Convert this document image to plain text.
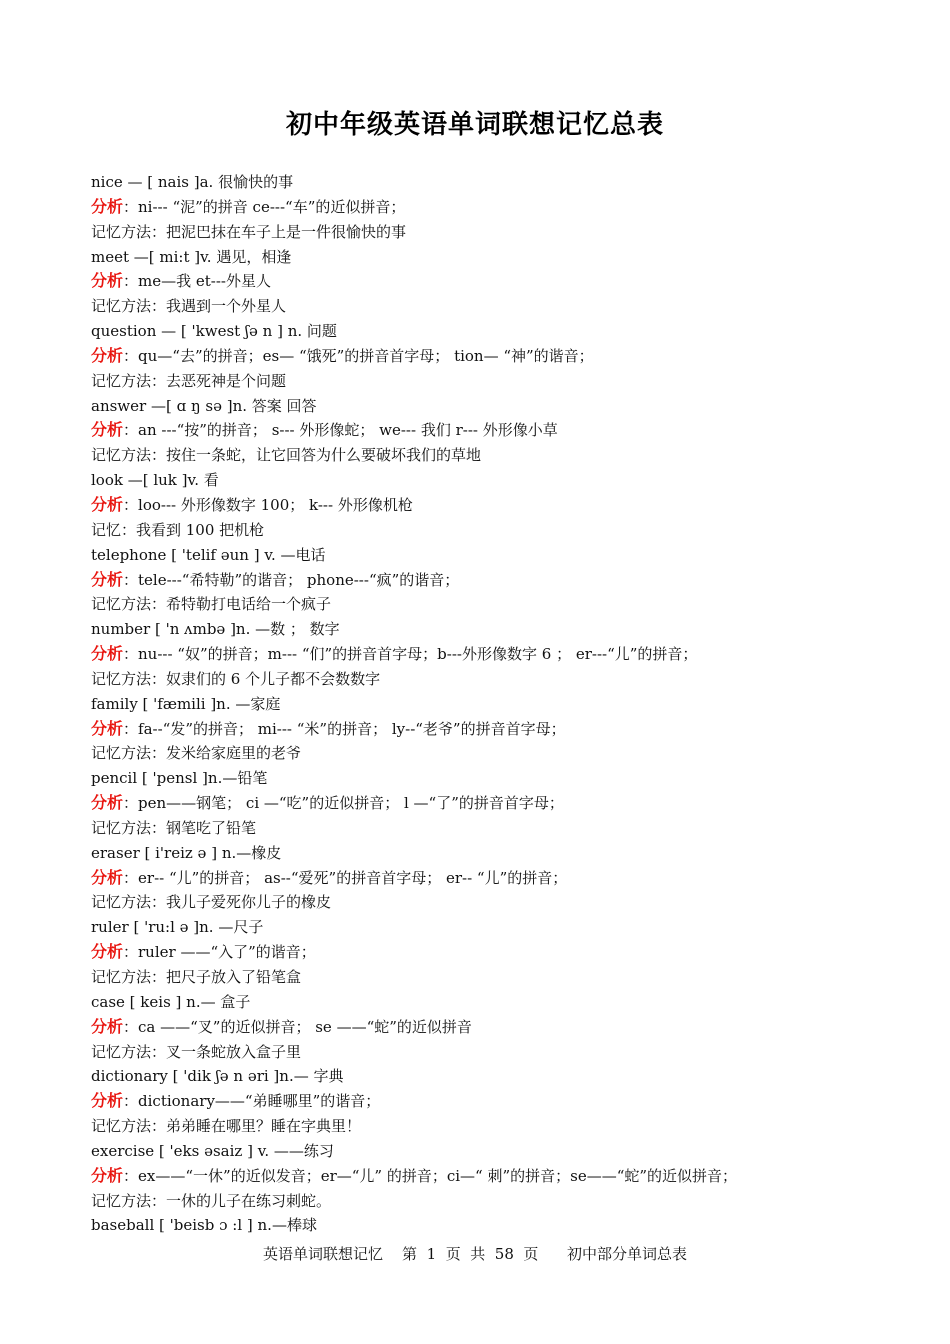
初中年级英语单词联想记忆总表
nice — [ nais ]a. 很愉快的事
分析：ni--- “泥”的拼音 ce---“车”的近似拼音；
记忆方法：把泥巴抹在车子上是一件很愉快的事
meet —[ mi:t ]v. 遇见，相逢
分析：me—我 et---外星人
记忆方法：我遇到一个外星人
question — [ 'kwest ʃə n ] n. 问题
分析：qu—“去”的拼音；es— “饿死”的拼音首字母； tion— “神”的谐音；
记忆方法：去恶死神是个问题
answer —[ ɑ ŋ sə ]n. 答案 回答
分析：an ---“按”的拼音； s--- 外形像蛇； we--- 我们 r--- 外形像小草
记忆方法：按住一条蛇，让它回答为什么要破坏我们的草地
look —[ luk ]v. 看
分析：loo--- 外形像数字 100； k--- 外形像机枪
记忆：我看到 100 把机枪
telephone [ 'telif əun ] v. —电话
分析：tele---“希特勒”的谐音； phone---“疯”的谐音；
记忆方法：希特勒打电话给一个疯子
number [ 'n ʌmbə ]n. —数 ； 数字
分析：nu--- “奴”的拼音；m--- “们”的拼音首字母；b---外形像数字 6 ； er---“儿”的拼音；
记忆方法：奴隶们的 6 个儿子都不会数数字
family [ 'fæmili ]n. —家庭
分析：fa--“发”的拼音； mi--- “米”的拼音； ly--“老爷”的拼音首字母；
记忆方法：发米给家庭里的老爷
pencil [ 'pensl ]n.—铅笔
分析：pen——钢笔； ci —“吃”的近似拼音； l —“了”的拼音首字母；
记忆方法：钢笔吃了铅笔
eraser [ i'reiz ə ] n.—橡皮
分析：er-- “儿”的拼音； as--“爱死”的拼音首字母； er-- “儿”的拼音；
记忆方法：我儿子爱死你儿子的橡皮
ruler [ 'ru:l ə ]n. —尺子
分析：ruler ——“入了”的谐音；
记忆方法：把尺子放入了铅笔盒
case [ keis ] n.— 盒子
分析：ca ——“叉”的近似拼音； se ——“蛇”的近似拼音
记忆方法：叉一条蛇放入盒子里
dictionary [ 'dik ʃə n əri ]n.— 字典
分析：dictionary——“弟睡哪里”的谐音；
记忆方法：弟弟睡在哪里？睡在字典里！
exercise [ 'eks əsaiz ] v. ——练习
分析：ex——“一休”的近似发音；er—“儿” 的拼音；ci—“ 刺”的拼音；se——“蛇”的近似拼音；
记忆方法：一休的儿子在练习刺蛇。
baseball [ 'beisb ɔ :l ] n.—棒球
英语单词联想记忆 第 1 页  共 58 页 初中部分单词总表
